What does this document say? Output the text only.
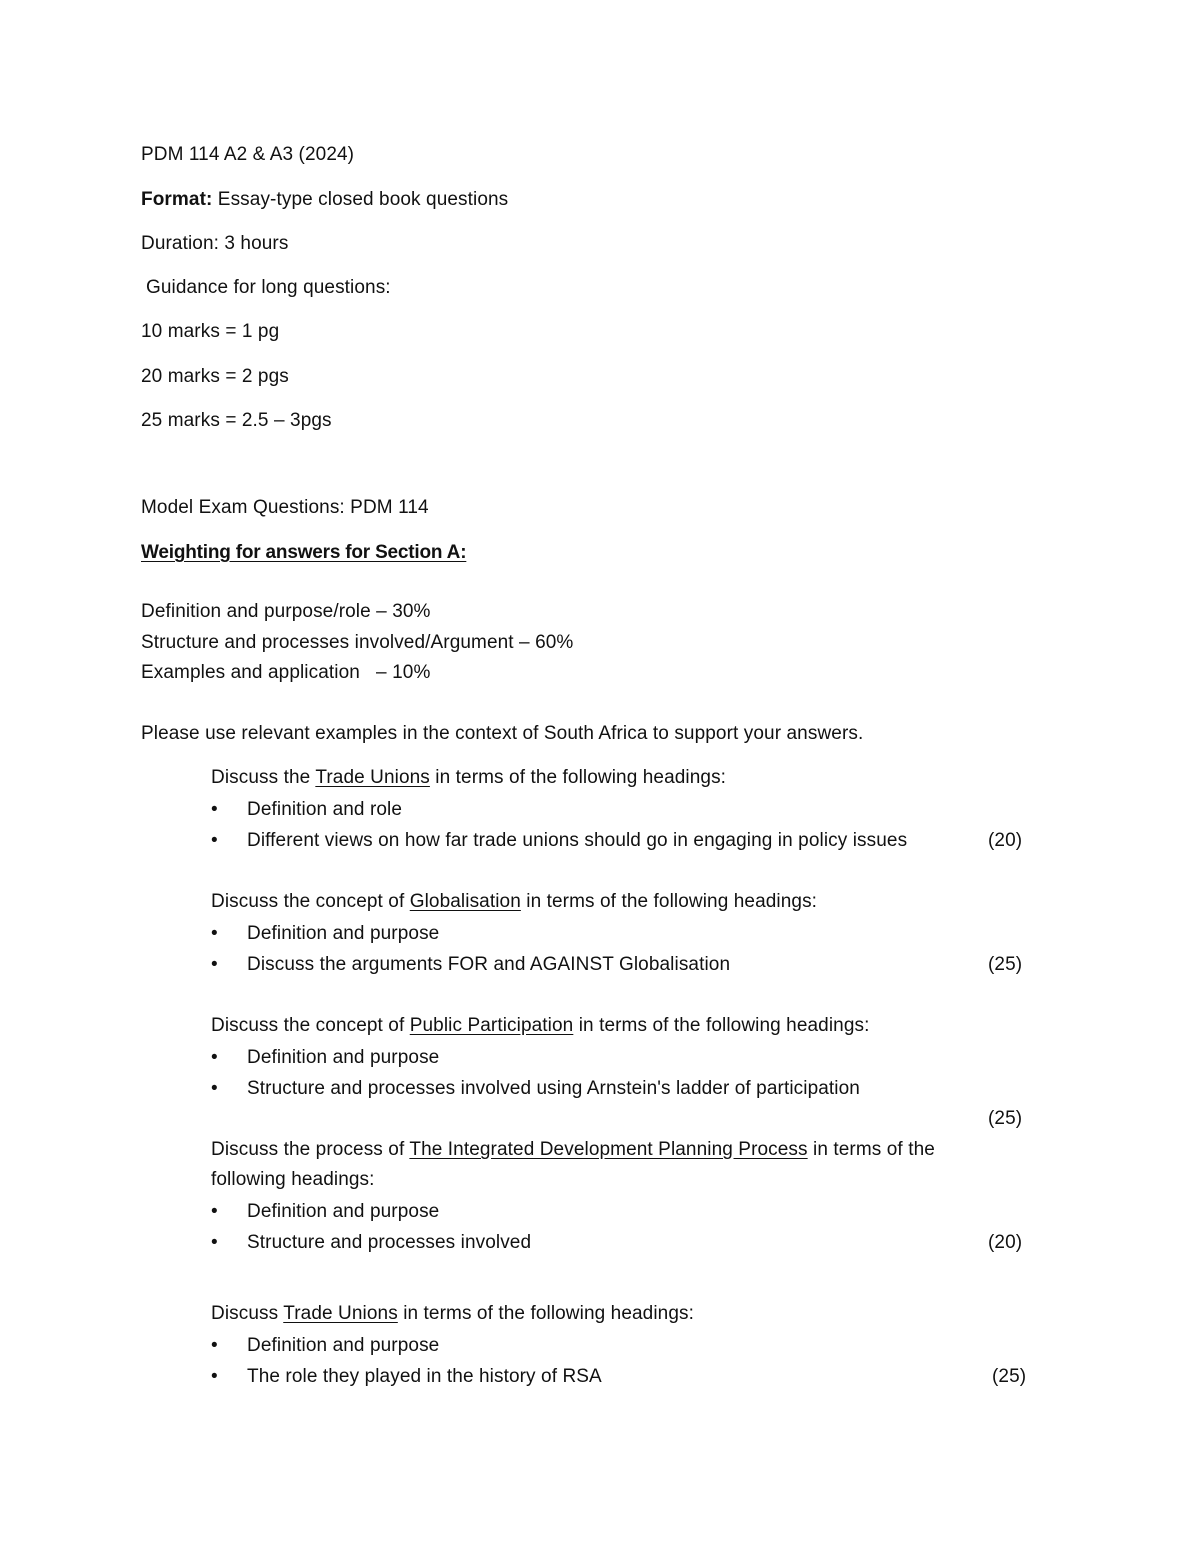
PDM 114 A2 & A3 (2024)
Format: Essay-type closed book questions
Duration: 3 hours
Guidance for long questions:
10 marks = 1 pg
20 marks = 2 pgs
25 marks = 2.5 – 3pgs
Model Exam Questions: PDM 114
Weighting for answers for Section A:
Definition and purpose/role – 30%
Structure and processes involved/Argument – 60%
Examples and application   – 10%
Please use relevant examples in the context of South Africa to support your answers.
Discuss the Trade Unions in terms of the following headings:
• Definition and role
• Different views on how far trade unions should go in engaging in policy issues	(20)
Discuss the concept of Globalisation in terms of the following headings:
• Definition and purpose
• Discuss the arguments FOR and AGAINST Globalisation	(25)
Discuss the concept of Public Participation in terms of the following headings:
• Definition and purpose
• Structure and processes involved using Arnstein's ladder of participation
(25)
Discuss the process of The Integrated Development Planning Process in terms of the
following headings:
• Definition and purpose
• Structure and processes involved	(20)
Discuss Trade Unions in terms of the following headings:
• Definition and purpose
• The role they played in the history of RSA	(25)
